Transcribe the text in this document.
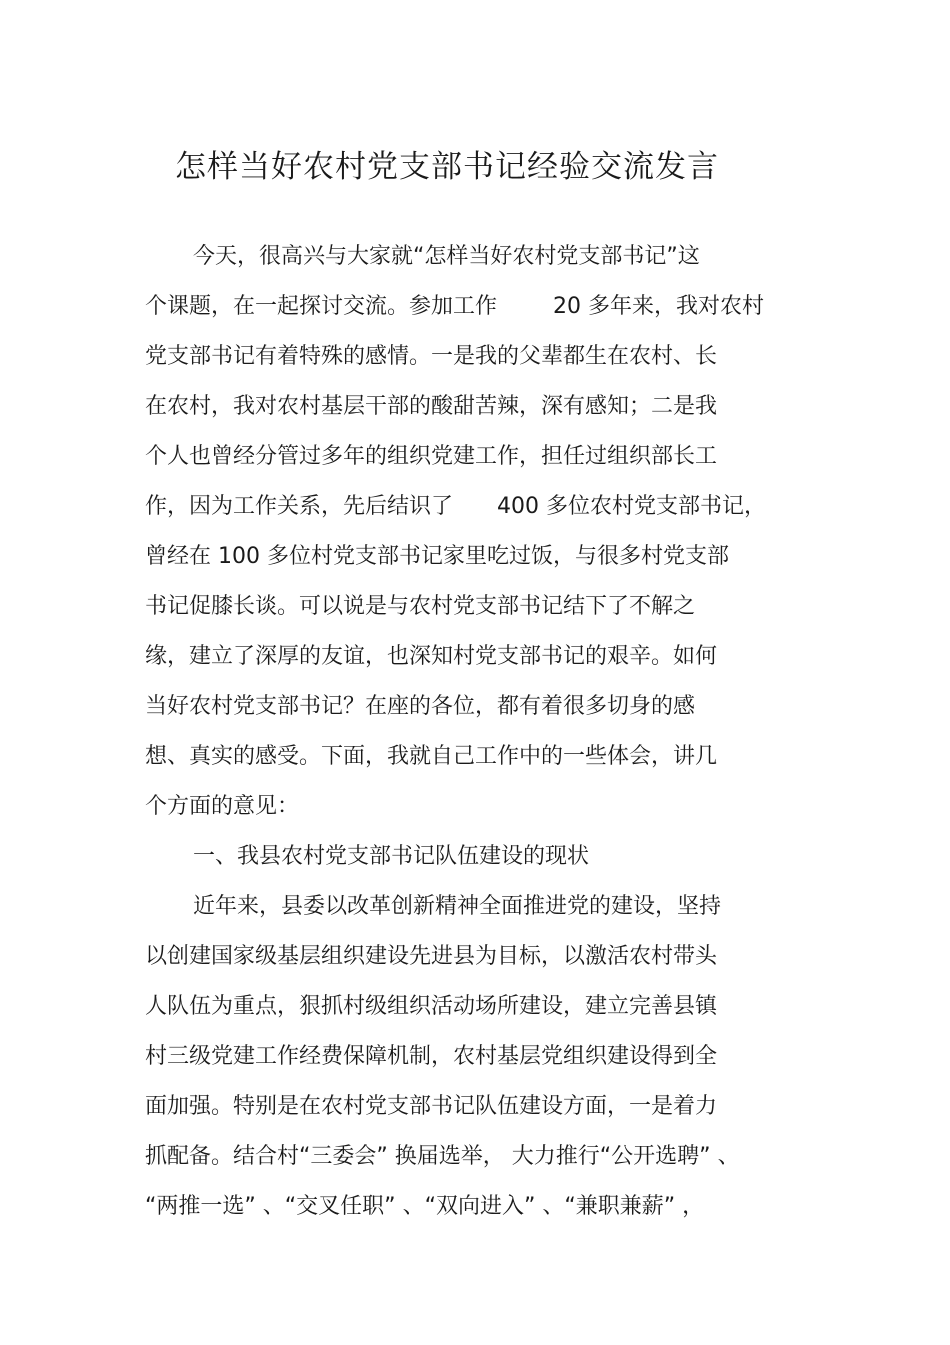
怎样当好农村党支部书记经验交流发言
今天，很高兴与大家就“怎样当好农村党支部书记”这
个课题，在一起探讨交流。参加工作	20 多年来，我对农村
党支部书记有着特殊的感情。一是我的父辈都生在农村、长
在农村，我对农村基层干部的酸甜苦辣，深有感知；二是我
个人也曾经分管过多年的组织党建工作，担任过组织部长工
作，因为工作关系，先后结识了 400 多位农村党支部书记，
曾经在 100 多位村党支部书记家里吃过饭，与很多村党支部
书记促膝长谈。可以说是与农村党支部书记结下了不解之
缘，建立了深厚的友谊，也深知村党支部书记的艰辛。如何
当好农村党支部书记？在座的各位，都有着很多切身的感
想、真实的感受。下面，我就自己工作中的一些体会，讲几
个方面的意见：
一、我县农村党支部书记队伍建设的现状
近年来，县委以改革创新精神全面推进党的建设，坚持
以创建国家级基层组织建设先进县为目标，以激活农村带头
人队伍为重点，狠抓村级组织活动场所建设，建立完善县镇
村三级党建工作经费保障机制，农村基层党组织建设得到全
面加强。特别是在农村党支部书记队伍建设方面，一是着力
抓配备。结合村“三委会” 换届选举， 大力推行“公开选聘” 、
“两推一选” 、“交叉任职” 、“双向进入” 、“兼职兼薪” ，
